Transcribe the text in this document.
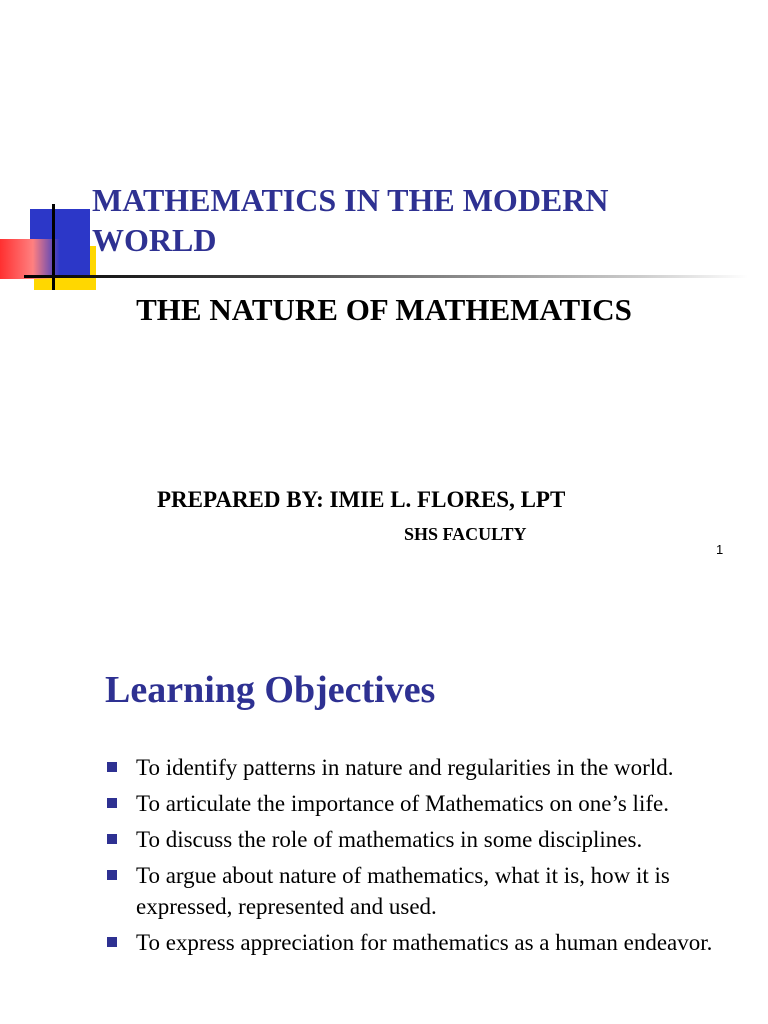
MATHEMATICS IN THE MODERN WORLD
THE NATURE OF MATHEMATICS

PREPARED BY: IMIE L. FLORES, LPT

SHS FACULTY

1
Learning Objectives
To identify patterns in nature and regularities in the world.
To articulate the importance of Mathematics on one’s life.
To discuss the role of mathematics in some disciplines.
To argue about nature of mathematics, what it is, how it is expressed, represented and used.
To express appreciation for mathematics as a human endeavor.
